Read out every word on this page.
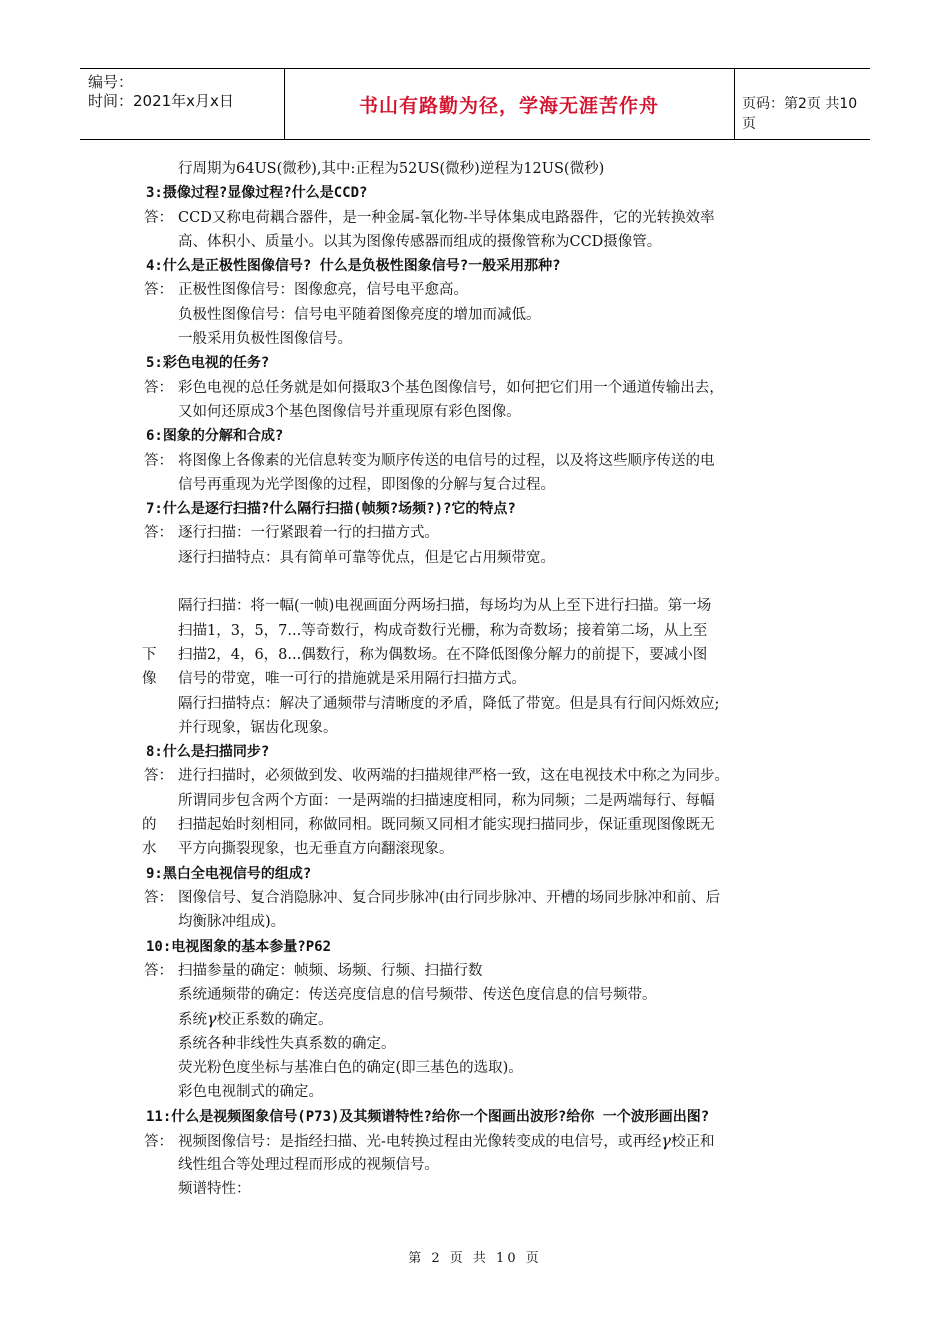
编号：
时间：2021年x月x日	书山有路勤为径，学海无涯苦作舟	页码：第2页 共10页
行周期为64US(微秒),其中:正程为52US(微秒)逆程为12US(微秒)
3:摄像过程?显像过程?什么是CCD?
答： CCD又称电荷耦合器件，是一种金属-氧化物-半导体集成电路器件，它的光转换效率
高、体积小、质量小。以其为图像传感器而组成的摄像管称为CCD摄像管。
4:什么是正极性图像信号? 什么是负极性图象信号?一般采用那种?
答： 正极性图像信号：图像愈亮，信号电平愈高。
负极性图像信号：信号电平随着图像亮度的增加而减低。
一般采用负极性图像信号。
5:彩色电视的任务?
答： 彩色电视的总任务就是如何摄取3个基色图像信号，如何把它们用一个通道传输出去，
又如何还原成3个基色图像信号并重现原有彩色图像。
6:图象的分解和合成?
答： 将图像上各像素的光信息转变为顺序传送的电信号的过程，以及将这些顺序传送的电
信号再重现为光学图像的过程，即图像的分解与复合过程。
7:什么是逐行扫描?什么隔行扫描(帧频?场频?)?它的特点?
答： 逐行扫描：一行紧跟着一行的扫描方式。
逐行扫描特点：具有简单可靠等优点，但是它占用频带宽。
隔行扫描：将一幅(一帧)电视画面分两场扫描，每场均为从上至下进行扫描。第一场
扫描1，3，5，7...等奇数行，构成奇数行光栅，称为奇数场；接着第二场，从上至
下 扫描2，4，6，8...偶数行，称为偶数场。在不降低图像分解力的前提下，要减小图
像 信号的带宽，唯一可行的措施就是采用隔行扫描方式。
隔行扫描特点：解决了通频带与清晰度的矛盾，降低了带宽。但是具有行间闪烁效应;
并行现象，锯齿化现象。
8:什么是扫描同步?
答： 进行扫描时，必须做到发、收两端的扫描规律严格一致，这在电视技术中称之为同步。
所谓同步包含两个方面：一是两端的扫描速度相同，称为同频；二是两端每行、每幅
的 扫描起始时刻相同，称做同相。既同频又同相才能实现扫描同步，保证重现图像既无
水 平方向撕裂现象，也无垂直方向翻滚现象。
9:黑白全电视信号的组成?
答： 图像信号、复合消隐脉冲、复合同步脉冲(由行同步脉冲、开槽的场同步脉冲和前、后
均衡脉冲组成)。
10:电视图象的基本参量?P62
答： 扫描参量的确定：帧频、场频、行频、扫描行数
系统通频带的确定：传送亮度信息的信号频带、传送色度信息的信号频带。
系统γ校正系数的确定。
系统各种非线性失真系数的确定。
荧光粉色度坐标与基准白色的确定(即三基色的选取)。
彩色电视制式的确定。
11:什么是视频图象信号(P73)及其频谱特性?给你一个图画出波形?给你 一个波形画出图?
答： 视频图像信号：是指经扫描、光-电转换过程由光像转变成的电信号，或再经γ校正和
线性组合等处理过程而形成的视频信号。
频谱特性：
第 2 页 共 10 页
